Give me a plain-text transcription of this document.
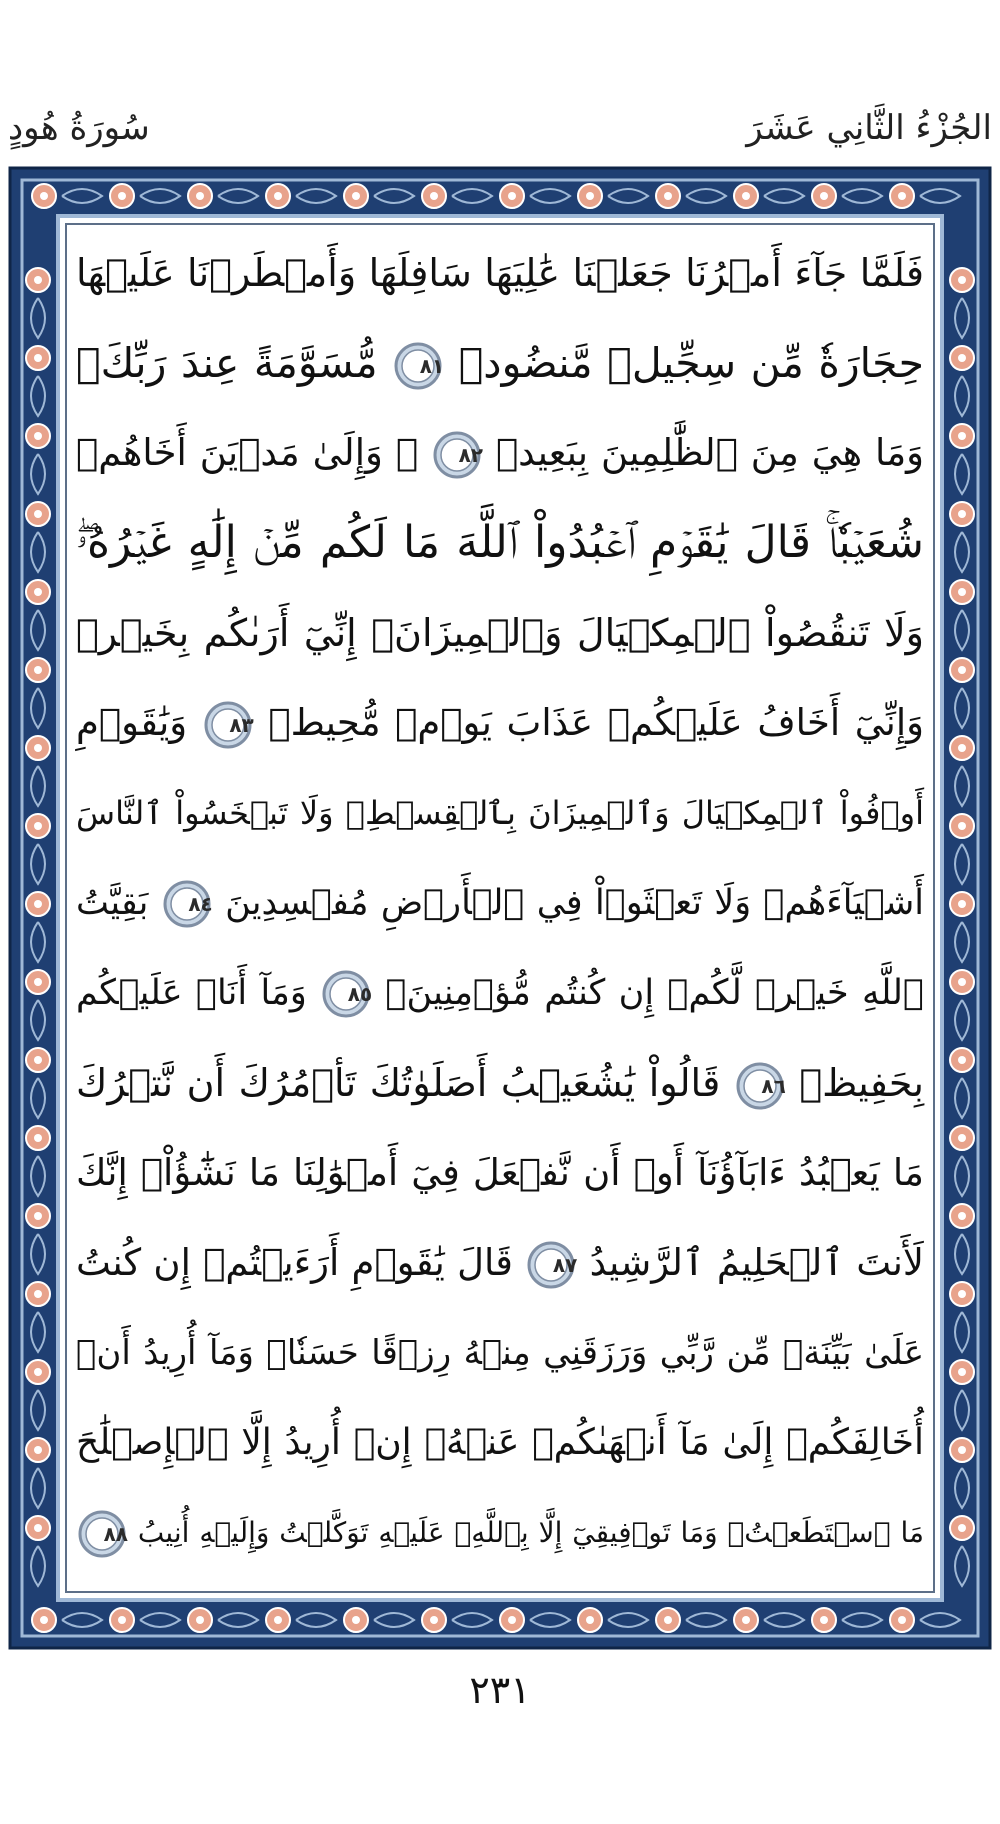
سُورَةُ هُودٍ	الجُزْءُ الثَّانِي عَشَرَ
فَلَمَّا جَآءَ أَمۡرُنَا جَعَلۡنَا عَٰلِيَهَا سَافِلَهَا وَأَمۡطَرۡنَا عَلَيۡهَا
حِجَارَةٗ مِّن سِجِّيلٖ مَّنضُودٖ
٨١
مُّسَوَّمَةً عِندَ رَبِّكَۖ
وَمَا هِيَ مِنَ ٱلظَّٰلِمِينَ بِبَعِيدٖ
٨٢
۞ وَإِلَىٰ مَدۡيَنَ أَخَاهُمۡ
شُعَيۡبٗاۚ قَالَ يَٰقَوۡمِ ٱعۡبُدُواْ ٱللَّهَ مَا لَكُم مِّنۡ إِلَٰهٍ غَيۡرُهُۥۖ
وَلَا تَنقُصُواْ ٱلۡمِكۡيَالَ وَٱلۡمِيزَانَۖ إِنِّيٓ أَرَىٰكُم بِخَيۡرٖ
وَإِنِّيٓ أَخَافُ عَلَيۡكُمۡ عَذَابَ يَوۡمٖ مُّحِيطٖ
٨٣
وَيَٰقَوۡمِ
أَوۡفُواْ ٱلۡمِكۡيَالَ وَٱلۡمِيزَانَ بِٱلۡقِسۡطِۖ وَلَا تَبۡخَسُواْ ٱلنَّاسَ
أَشۡيَآءَهُمۡ وَلَا تَعۡثَوۡاْ فِي ٱلۡأَرۡضِ مُفۡسِدِينَ
٨٤
بَقِيَّتُ
ٱللَّهِ خَيۡرٞ لَّكُمۡ إِن كُنتُم مُّؤۡمِنِينَۚ
٨٥
وَمَآ أَنَا۠ عَلَيۡكُم
بِحَفِيظٖ
٨٦
قَالُواْ يَٰشُعَيۡبُ أَصَلَوٰتُكَ تَأۡمُرُكَ أَن نَّتۡرُكَ
مَا يَعۡبُدُ ءَابَآؤُنَآ أَوۡ أَن نَّفۡعَلَ فِيٓ أَمۡوَٰلِنَا مَا نَشَٰٓؤُاْۖ إِنَّكَ
لَأَنتَ ٱلۡحَلِيمُ ٱلرَّشِيدُ
٨٧
قَالَ يَٰقَوۡمِ أَرَءَيۡتُمۡ إِن كُنتُ
عَلَىٰ بَيِّنَةٖ مِّن رَّبِّي وَرَزَقَنِي مِنۡهُ رِزۡقًا حَسَنٗاۚ وَمَآ أُرِيدُ أَنۡ
أُخَالِفَكُمۡ إِلَىٰ مَآ أَنۡهَىٰكُمۡ عَنۡهُۚ إِنۡ أُرِيدُ إِلَّا ٱلۡإِصۡلَٰحَ
مَا ٱسۡتَطَعۡتُۚ وَمَا تَوۡفِيقِيٓ إِلَّا بِٱللَّهِۚ عَلَيۡهِ تَوَكَّلۡتُ وَإِلَيۡهِ أُنِيبُ
٨٨
٢٣١
